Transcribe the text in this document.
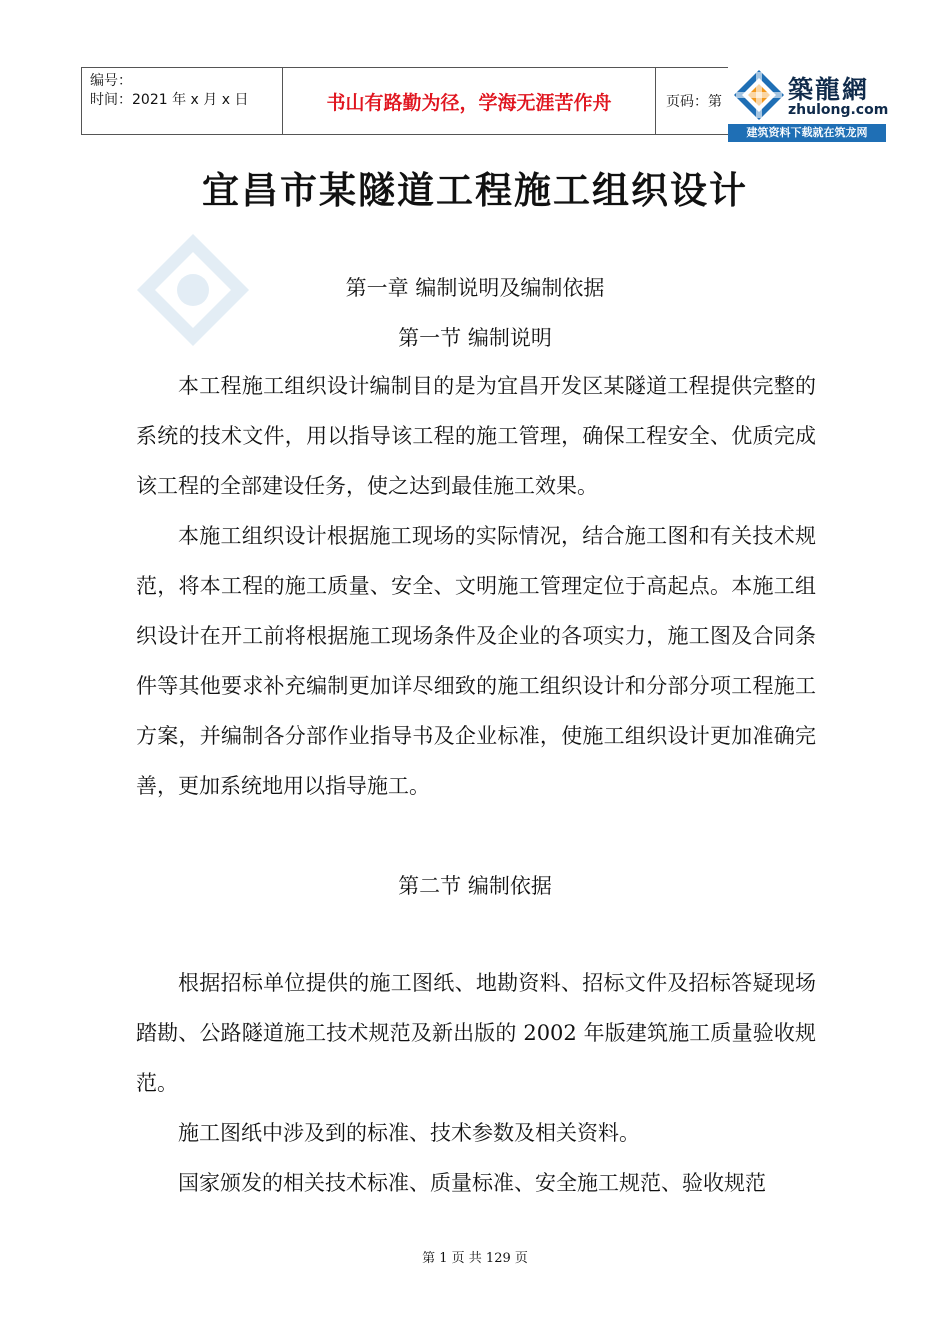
编号：
时间：2021 年 x 月 x 日	书山有路勤为径，学海无涯苦作舟	页码：第	築龍網
zhulong.com
建筑资料下载就在筑龙网
宜昌市某隧道工程施工组织设计
第一章 编制说明及编制依据
第一节 编制说明

本工程施工组织设计编制目的是为宜昌开发区某隧道工程提供完整的系统的技术文件，用以指导该工程的施工管理，确保工程安全、优质完成该工程的全部建设任务，使之达到最佳施工效果。

本施工组织设计根据施工现场的实际情况，结合施工图和有关技术规范，将本工程的施工质量、安全、文明施工管理定位于高起点。本施工组织设计在开工前将根据施工现场条件及企业的各项实力，施工图及合同条件等其他要求补充编制更加详尽细致的施工组织设计和分部分项工程施工方案，并编制各分部作业指导书及企业标准，使施工组织设计更加准确完善，更加系统地用以指导施工。

第二节 编制依据

根据招标单位提供的施工图纸、地勘资料、招标文件及招标答疑现场踏勘、公路隧道施工技术规范及新出版的 2002 年版建筑施工质量验收规范。

施工图纸中涉及到的标准、技术参数及相关资料。

国家颁发的相关技术标准、质量标准、安全施工规范、验收规范

第 1 页 共 129 页
